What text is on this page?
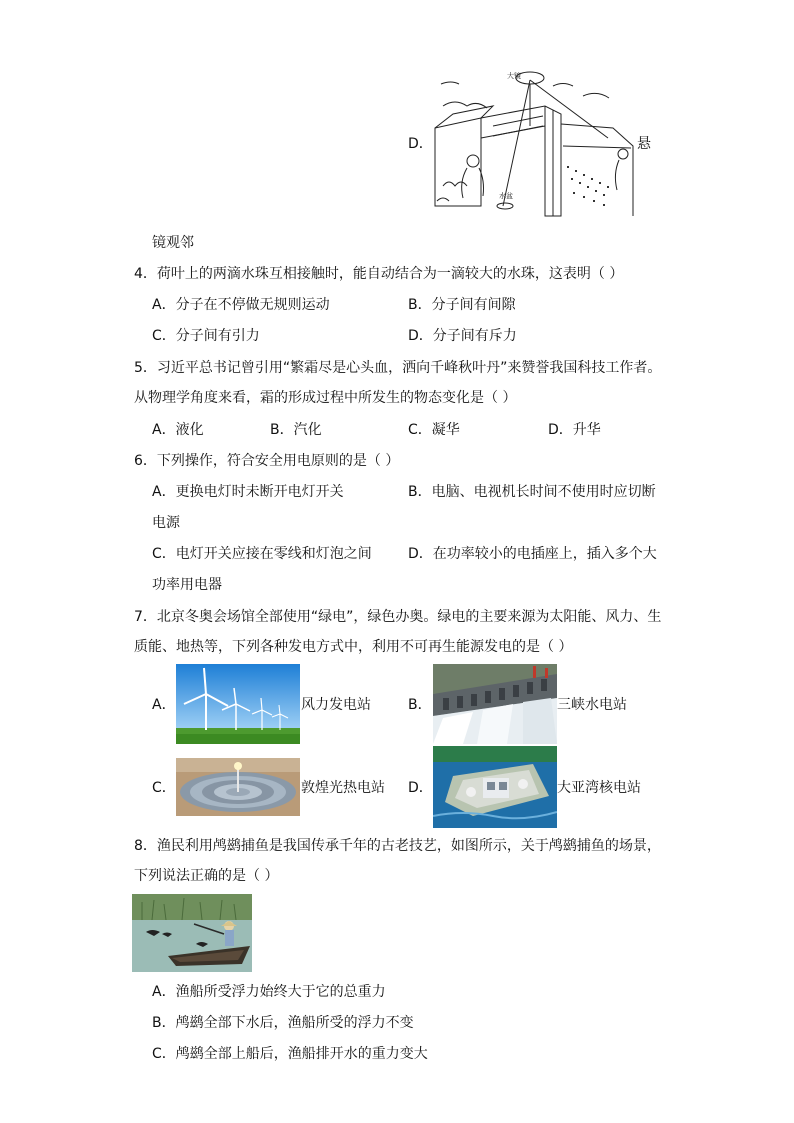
D．
大镜
水盆
悬
镜观邻
4．荷叶上的两滴水珠互相接触时，能自动结合为一滴较大的水珠，这表明（ ）
A．分子在不停做无规则运动	B．分子间有间隙
C．分子间有引力	D．分子间有斥力
5．习近平总书记曾引用“繁霜尽是心头血，洒向千峰秋叶丹”来赞誉我国科技工作者。
从物理学角度来看，霜的形成过程中所发生的物态变化是（ ）
A．液化	B．汽化	C．凝华	D．升华
6．下列操作，符合安全用电原则的是（ ）
A．更换电灯时未断开电灯开关	B．电脑、电视机长时间不使用时应切断
电源
C．电灯开关应接在零线和灯泡之间	D．在功率较小的电插座上，插入多个大
功率用电器
7．北京冬奥会场馆全部使用“绿电”，绿色办奥。绿电的主要来源为太阳能、风力、生
质能、地热等，下列各种发电方式中，利用不可再生能源发电的是（ ）
A．	风力发电站	B．	三峡水电站
C．	敦煌光热电站 D．	大亚湾核电站
8．渔民利用鸬鹚捕鱼是我国传承千年的古老技艺，如图所示，关于鸬鹚捕鱼的场景，
下列说法正确的是（ ）
A．渔船所受浮力始终大于它的总重力
B．鸬鹚全部下水后，渔船所受的浮力不变
C．鸬鹚全部上船后，渔船排开水的重力变大
